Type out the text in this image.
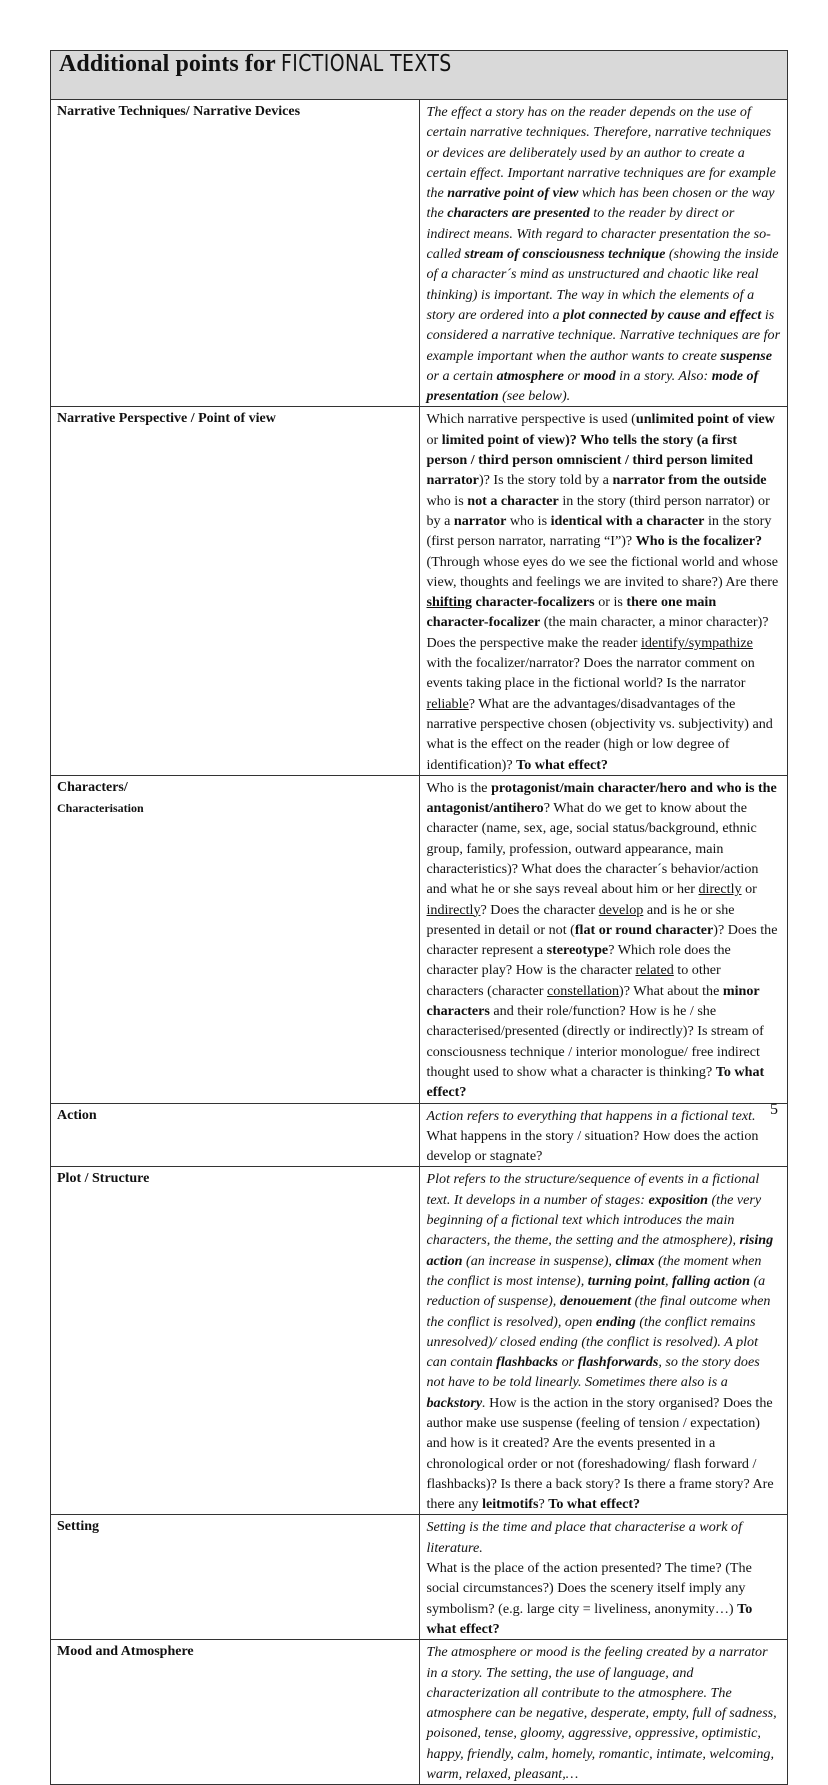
Additional points for FICTIONAL TEXTS	
Narrative Techniques/ Narrative Devices	The effect a story has on the reader depends on the use of certain narrative techniques. Therefore, narrative techniques or devices are deliberately used by an author to create a certain effect. Important narrative techniques are for example the narrative point of view which has been chosen or the way the characters are presented to the reader by direct or indirect means. With regard to character presentation the so-called stream of consciousness technique (showing the inside of a character´s mind as unstructured and chaotic like real thinking) is important. The way in which the elements of a story are ordered into a plot connected by cause and effect is considered a narrative technique. Narrative techniques are for example important when the author wants to create suspense or a certain atmosphere or mood in a story. Also: mode of presentation (see below).
Narrative Perspective / Point of view	Which narrative perspective is used (unlimited point of view or limited point of view)? Who tells the story (a first person / third person omniscient / third person limited narrator)? Is the story told by a narrator from the outside who is not a character in the story (third person narrator) or by a narrator who is identical with a character in the story (first person narrator, narrating “I”)? Who is the focalizer? (Through whose eyes do we see the fictional world and whose view, thoughts and feelings we are invited to share?) Are there shifting character-focalizers or is there one main character-focalizer (the main character, a minor character)? Does the perspective make the reader identify/sympathize with the focalizer/narrator? Does the narrator comment on events taking place in the fictional world? Is the narrator reliable? What are the advantages/disadvantages of the narrative perspective chosen (objectivity vs. subjectivity) and what is the effect on the reader (high or low degree of identification)? To what effect?
Characters/
Characterisation	Who is the protagonist/main character/hero and who is the antagonist/antihero? What do we get to know about the character (name, sex, age, social status/background, ethnic group, family, profession, outward appearance, main characteristics)? What does the character´s behavior/action and what he or she says reveal about him or her directly or indirectly? Does the character develop and is he or she presented in detail or not (flat or round character)? Does the character represent a stereotype? Which role does the character play? How is the character related to other characters (character constellation)? What about the minor characters and their role/function? How is he / she characterised/presented (directly or indirectly)? Is stream of consciousness technique / interior monologue/ free indirect thought used to show what a character is thinking? To what effect?
Action	Action refers to everything that happens in a fictional text.
What happens in the story / situation? How does the action develop or stagnate?
Plot / Structure	Plot refers to the structure/sequence of events in a fictional text. It develops in a number of stages: exposition (the very beginning of a fictional text which introduces the main characters, the theme, the setting and the atmosphere), rising action (an increase in suspense), climax (the moment when the conflict is most intense), turning point, falling action (a reduction of suspense), denouement (the final outcome when the conflict is resolved), open ending (the conflict remains unresolved)/ closed ending (the conflict is resolved). A plot can contain flashbacks or flashforwards, so the story does not have to be told linearly. Sometimes there also is a backstory. How is the action in the story organised? Does the author make use suspense (feeling of tension / expectation) and how is it created? Are the events presented in a chronological order or not (foreshadowing/ flash forward / flashbacks)? Is there a back story? Is there a frame story? Are there any leitmotifs? To what effect?
Setting	Setting is the time and place that characterise a work of literature.
What is the place of the action presented? The time? (The social circumstances?) Does the scenery itself imply any symbolism? (e.g. large city = liveliness, anonymity…) To what effect?
Mood and Atmosphere	The atmosphere or mood is the feeling created by a narrator in a story. The setting, the use of language, and characterization all contribute to the atmosphere. The atmosphere can be negative, desperate, empty, full of sadness, poisoned, tense, gloomy, aggressive, oppressive, optimistic, happy, friendly, calm, homely, romantic, intimate, welcoming, warm, relaxed, pleasant,…
5
